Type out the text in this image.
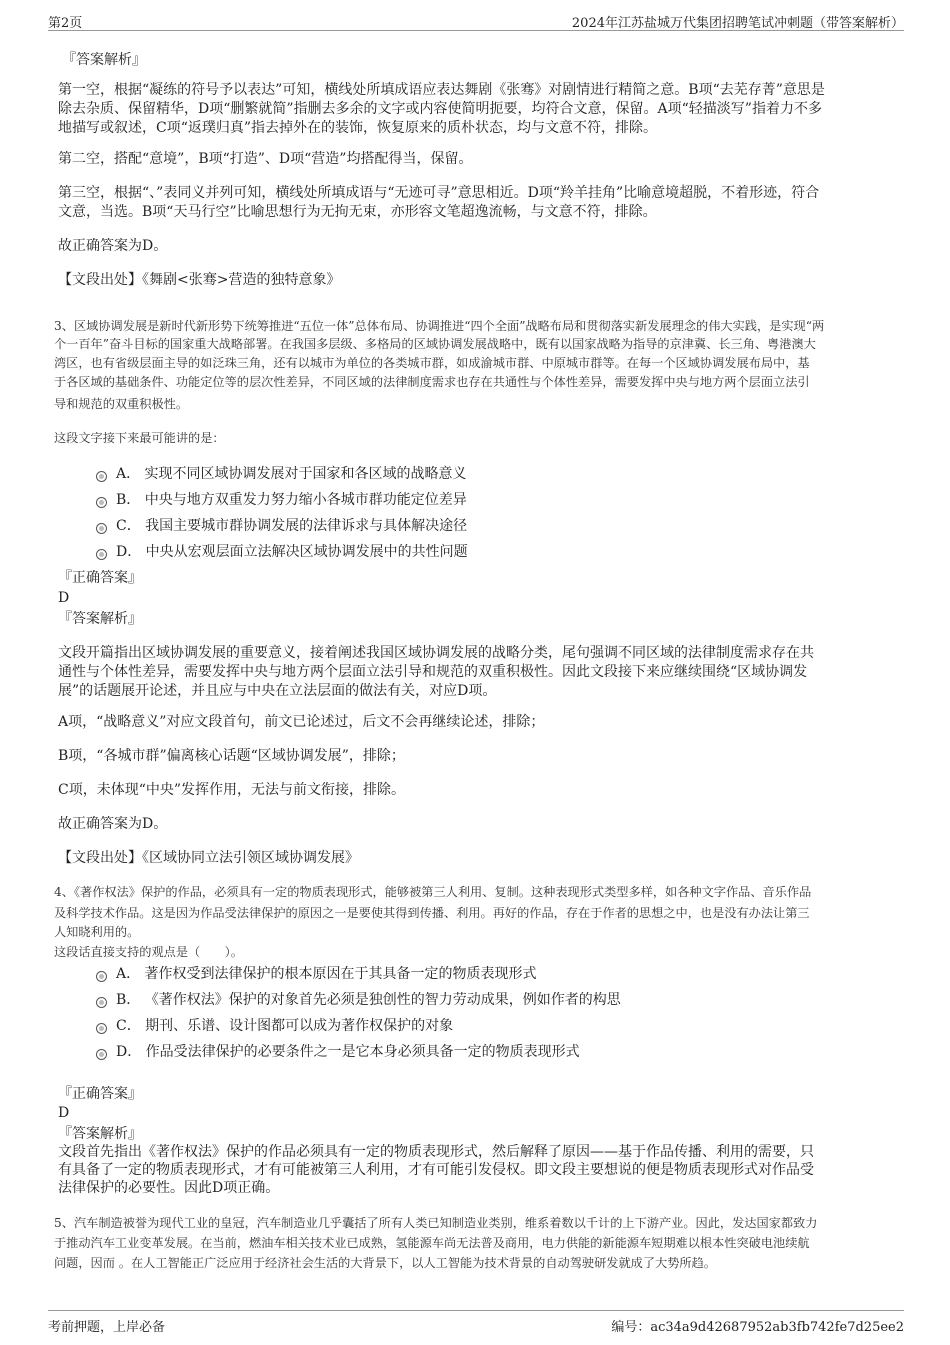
第2页	2024年江苏盐城万代集团招聘笔试冲刺题（带答案解析）
『答案解析』
第一空，根据“凝练的符号予以表达”可知，横线处所填成语应表达舞剧《张骞》对剧情进行精简之意。B项“去芜存菁”意思是
除去杂质、保留精华，D项“删繁就简”指删去多余的文字或内容使简明扼要，均符合文意，保留。A项“轻描淡写”指着力不多
地描写或叙述，C项“返璞归真”指去掉外在的装饰，恢复原来的质朴状态，均与文意不符，排除。
第二空，搭配“意境”，B项“打造”、D项“营造”均搭配得当，保留。
第三空，根据“、”表同义并列可知，横线处所填成语与“无迹可寻”意思相近。D项“羚羊挂角”比喻意境超脱，不着形迹，符合
文意，当选。B项“天马行空”比喻思想行为无拘无束，亦形容文笔超逸流畅，与文意不符，排除。
故正确答案为D。
【文段出处】《舞剧<张骞>营造的独特意象》
3、区域协调发展是新时代新形势下统筹推进“五位一体”总体布局、协调推进“四个全面”战略布局和贯彻落实新发展理念的伟大实践，是实现“两
个一百年”奋斗目标的国家重大战略部署。在我国多层级、多格局的区域协调发展战略中，既有以国家战略为指导的京津冀、长三角、粤港澳大
湾区，也有省级层面主导的如泛珠三角，还有以城市为单位的各类城市群，如成渝城市群、中原城市群等。在每一个区域协调发展布局中，基
于各区域的基础条件、功能定位等的层次性差异，不同区域的法律制度需求也存在共通性与个体性差异，需要发挥中央与地方两个层面立法引
导和规范的双重积极性。
这段文字接下来最可能讲的是：
A． 实现不同区域协调发展对于国家和各区域的战略意义
B． 中央与地方双重发力努力缩小各城市群功能定位差异
C． 我国主要城市群协调发展的法律诉求与具体解决途径
D． 中央从宏观层面立法解决区域协调发展中的共性问题
『正确答案』
D
『答案解析』
文段开篇指出区域协调发展的重要意义，接着阐述我国区域协调发展的战略分类，尾句强调不同区域的法律制度需求存在共
通性与个体性差异，需要发挥中央与地方两个层面立法引导和规范的双重积极性。因此文段接下来应继续围绕“区域协调发
展”的话题展开论述，并且应与中央在立法层面的做法有关，对应D项。
A项，“战略意义”对应文段首句，前文已论述过，后文不会再继续论述，排除；
B项，“各城市群”偏离核心话题“区域协调发展”，排除；
C项，未体现“中央”发挥作用，无法与前文衔接，排除。
故正确答案为D。
【文段出处】《区域协同立法引领区域协调发展》
4、《著作权法》保护的作品，必须具有一定的物质表现形式，能够被第三人利用、复制。这种表现形式类型多样，如各种文字作品、音乐作品
及科学技术作品。这是因为作品受法律保护的原因之一是要使其得到传播、利用。再好的作品，存在于作者的思想之中，也是没有办法让第三
人知晓利用的。
这段话直接支持的观点是（　　）。
A． 著作权受到法律保护的根本原因在于其具备一定的物质表现形式
B． 《著作权法》保护的对象首先必须是独创性的智力劳动成果，例如作者的构思
C． 期刊、乐谱、设计图都可以成为著作权保护的对象
D． 作品受法律保护的必要条件之一是它本身必须具备一定的物质表现形式
『正确答案』
D
『答案解析』
文段首先指出《著作权法》保护的作品必须具有一定的物质表现形式，然后解释了原因——基于作品传播、利用的需要，只
有具备了一定的物质表现形式，才有可能被第三人利用，才有可能引发侵权。即文段主要想说的便是物质表现形式对作品受
法律保护的必要性。因此D项正确。
5、汽车制造被誉为现代工业的皇冠，汽车制造业几乎囊括了所有人类已知制造业类别，维系着数以千计的上下游产业。因此，发达国家都致力
于推动汽车工业变革发展。在当前，燃油车相关技术业已成熟，氢能源车尚无法普及商用，电力供能的新能源车短期难以根本性突破电池续航
问题，因而 。在人工智能正广泛应用于经济社会生活的大背景下，以人工智能为技术背景的自动驾驶研发就成了大势所趋。
考前押题，上岸必备	编号：ac34a9d42687952ab3fb742fe7d25ee2
